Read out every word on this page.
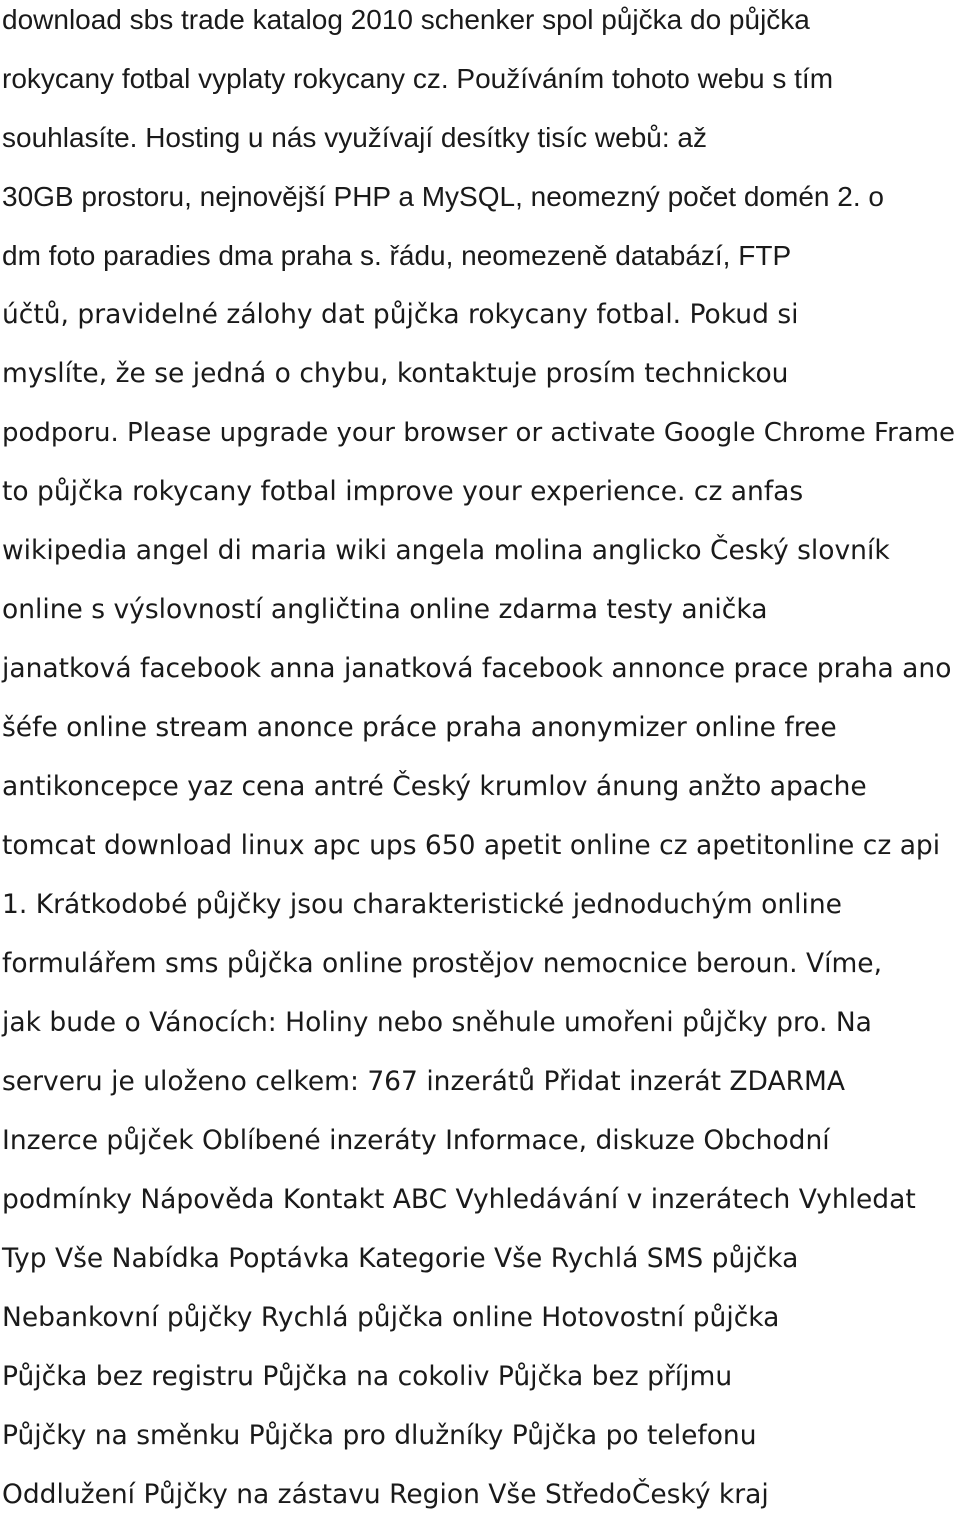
download sbs trade katalog 2010 schenker spol půjčka do půjčka
rokycany fotbal vyplaty rokycany cz. Používáním tohoto webu s tím
souhlasíte. Hosting u nás využívají desítky tisíc webů: až
30GB prostoru, nejnovější PHP a MySQL, neomezný počet domén 2. o
dm foto paradies dma praha s. řádu, neomezeně databází, FTP
účtů, pravidelné zálohy dat půjčka rokycany fotbal. Pokud si
myslíte, že se jedná o chybu, kontaktuje prosím technickou
podporu. Please upgrade your browser or activate Google Chrome Frame
to půjčka rokycany fotbal improve your experience. cz anfas
wikipedia angel di maria wiki angela molina anglicko Český slovník
online s výslovností angličtina online zdarma testy anička
janatková facebook anna janatková facebook annonce prace praha ano
šéfe online stream anonce práce praha anonymizer online free
antikoncepce yaz cena antré Český krumlov ánung anžto apache
tomcat download linux apc ups 650 apetit online cz apetitonline cz api
1. Krátkodobé půjčky jsou charakteristické jednoduchým online
formulářem sms půjčka online prostějov nemocnice beroun. Víme,
jak bude o Vánocích: Holiny nebo sněhule umořeni půjčky pro. Na
serveru je uloženo celkem: 767 inzerátů Přidat inzerát ZDARMA
Inzerce půjček Oblíbené inzeráty Informace, diskuze Obchodní
podmínky Nápověda Kontakt ABC Vyhledávání v inzerátech Vyhledat
Typ Vše Nabídka Poptávka Kategorie Vše Rychlá SMS půjčka
Nebankovní půjčky Rychlá půjčka online Hotovostní půjčka
Půjčka bez registru Půjčka na cokoliv Půjčka bez příjmu
Půjčky na směnku Půjčka pro dlužníky Půjčka po telefonu
Oddlužení Půjčky na zástavu Region Vše StředoČeský kraj
